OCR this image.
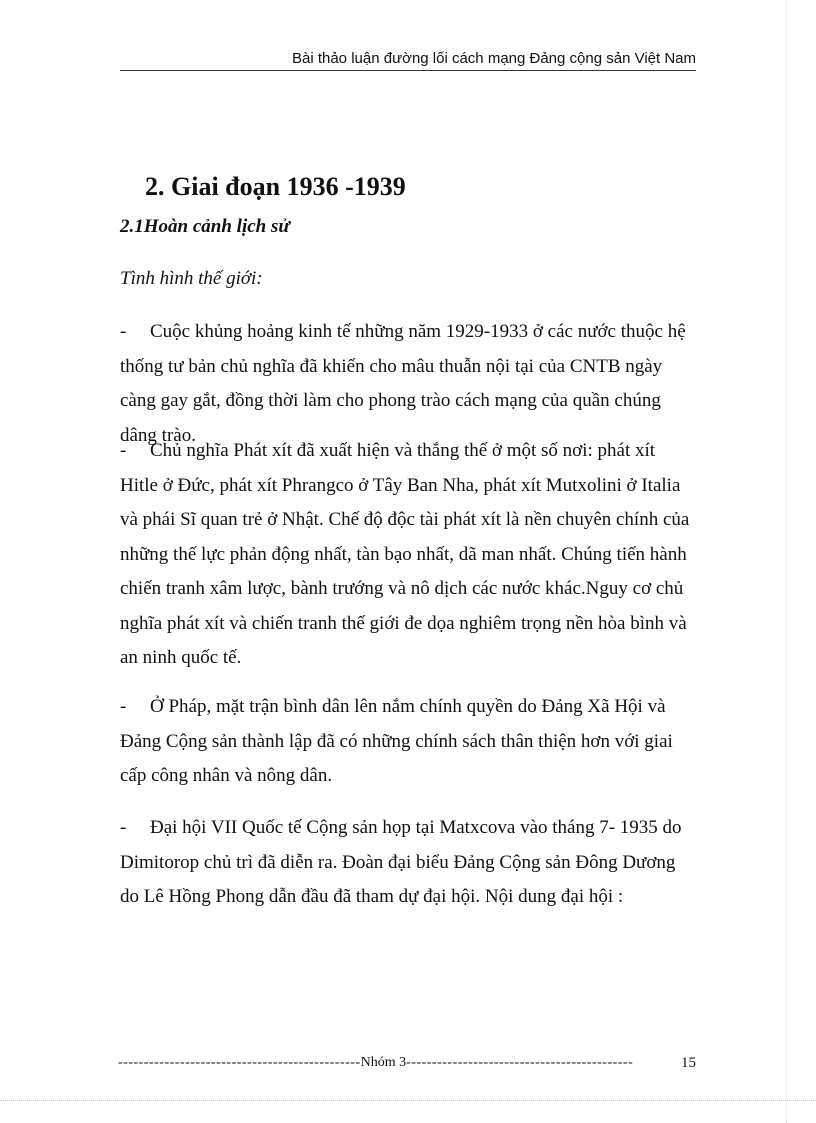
Bài thảo luận đường lối cách mạng Đảng cộng sản Việt Nam
2. Giai đoạn 1936 -1939
2.1Hoàn cảnh lịch sử

Tình hình thế giới:

- Cuộc khủng hoảng kinh tế những năm 1929-1933 ở các nước thuộc hệ thống tư bản chủ nghĩa đã khiến cho mâu thuẫn nội tại của CNTB ngày càng gay gắt, đồng thời làm cho phong trào cách mạng của quần chúng dâng trào.

- Chủ nghĩa Phát xít đã xuất hiện và thắng thế ở một số nơi: phát xít Hitle ở Đức, phát xít Phrangco ở Tây Ban Nha, phát xít Mutxolini ở Italia và phái Sĩ quan trẻ ở Nhật. Chế độ độc tài phát xít là nền chuyên chính của những thế lực phản động nhất, tàn bạo nhất, dã man nhất. Chúng tiến hành chiến tranh xâm lược, bành trướng và nô dịch các nước khác.Nguy cơ chủ nghĩa phát xít và chiến tranh thế giới đe dọa nghiêm trọng nền hòa bình và an ninh quốc tế.

- Ở Pháp, mặt trận bình dân lên nắm chính quyền do Đảng Xã Hội và Đảng Cộng sản thành lập đã có những chính sách thân thiện hơn với giai cấp công nhân và nông dân.

- Đại hội VII Quốc tế Cộng sản họp tại Matxcova vào tháng 7- 1935 do Dimitorop chủ trì đã diễn ra. Đoàn đại biểu Đảng Cộng sản Đông Dương do Lê Hồng Phong dẫn đầu đã tham dự đại hội. Nội dung đại hội :

-----------------------------------------------Nhóm 3--------------------------------------------	15
